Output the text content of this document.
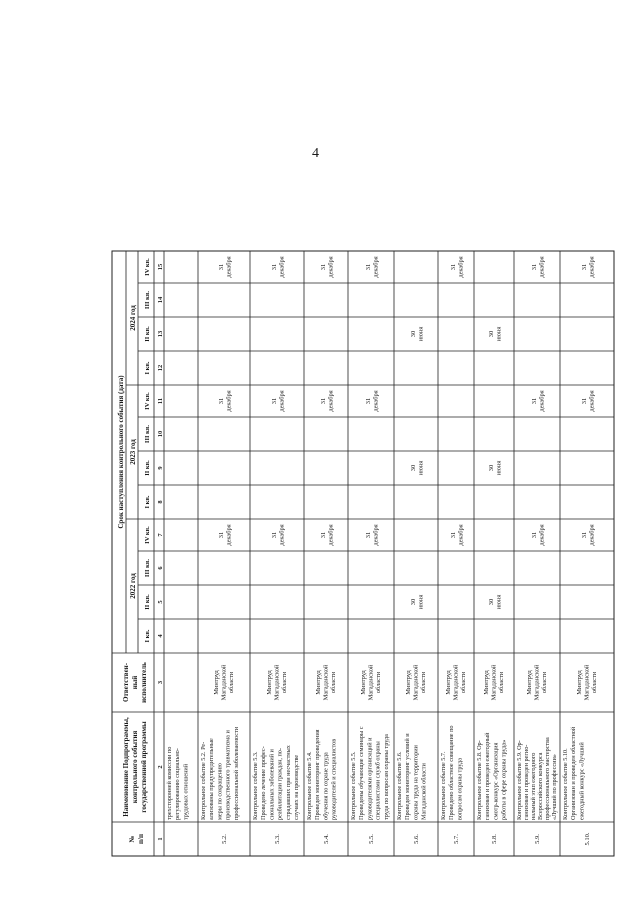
4
№ п/п
Наименование Подпрограммы, контрольного события государственной программы
Ответствен- ный исполнитель
Срок наступления контрольного события (дата)
2022 год
2023 год
2024 год
I кв.
II кв.
III кв.
IV кв.
I кв.
II кв.
III кв.
IV кв.
I кв.
II кв.
III кв.
IV кв.
1
2
3
4
5
6
7
8
9
10
11
12
13
14
15
трехсторонней комиссии по регулированию социально- трудовых отношений
5.2.
Контрольное событие 5.2. Ре- ализованы предупредительные меры по сокращению производственного травматизма и профессиональной заболеваемости
Минтруд Магаданской области
31 декабря
31 декабря
31 декабря
5.3.
Контрольное событие 5.3. Проведено лечение профес- сиональных заболеваний и реабилитации граждан, по- страдавших при несчастных случаях на производстве
Минтруд Магаданской области
31 декабря
31 декабря
31 декабря
5.4.
Контрольное событие 5.4. Проведен мониторинг проведения обучения по охране труда руководителей и специалистов
Минтруд Магаданской области
31 декабря
31 декабря
31 декабря
5.5.
Контрольное событие 5.5. Проведены обучающие семинары с руководителями организаций и специалистами служб охраны труда по вопросам охраны труда
Минтруд Магаданской области
31 декабря
31 декабря
31 декабря
5.6.
Контрольное событие 5.6. Проведен мониторинг условий и охраны труда на территории Магаданской области
Минтруд Магаданской области
30 июня
30 июня
30 июня
5.7.
Контрольное событие 5.7. Проведено областное совещание по вопросам охраны труда
Минтруд Магаданской области
31 декабря
31 декабря
5.8.
Контрольное событие 5.8. Ор- ганизован и проведен ежегодный смотр-конкурс «Организация работы в сфере охраны труда»
Минтруд Магаданской области
30 июня
30 июня
30 июня
5.9.
Контрольное событие 5.9. Ор- ганизован и проведен регио- нальный этап ежегодного Всероссийского конкурса профессионального мастерства «Лучший по профессии»
Минтруд Магаданской области
31 декабря
31 декабря
31 декабря
5.10.
Контрольное событие 5.10. Организован и проведен областной ежегодный конкурс «Лучший
Минтруд Магаданской области
31 декабря
31 декабря
31 декабря
